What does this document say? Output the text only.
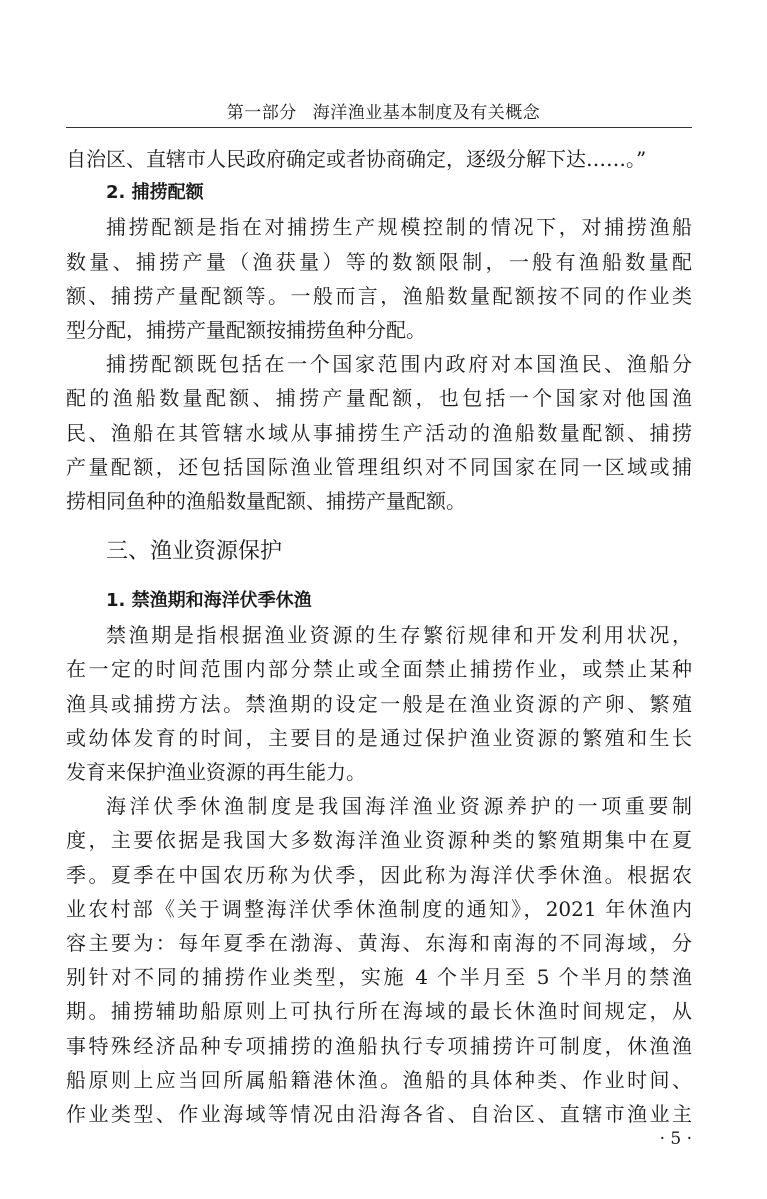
第一部分 海洋渔业基本制度及有关概念
自治区、直辖市人民政府确定或者协商确定，逐级分解下达……。”
2. 捕捞配额
捕捞配额是指在对捕捞生产规模控制的情况下，对捕捞渔船
数量、捕捞产量（渔获量）等的数额限制，一般有渔船数量配
额、捕捞产量配额等。一般而言，渔船数量配额按不同的作业类
型分配，捕捞产量配额按捕捞鱼种分配。
捕捞配额既包括在一个国家范围内政府对本国渔民、渔船分
配的渔船数量配额、捕捞产量配额，也包括一个国家对他国渔
民、渔船在其管辖水域从事捕捞生产活动的渔船数量配额、捕捞
产量配额，还包括国际渔业管理组织对不同国家在同一区域或捕
捞相同鱼种的渔船数量配额、捕捞产量配额。
三、渔业资源保护
1. 禁渔期和海洋伏季休渔
禁渔期是指根据渔业资源的生存繁衍规律和开发利用状况，
在一定的时间范围内部分禁止或全面禁止捕捞作业，或禁止某种
渔具或捕捞方法。禁渔期的设定一般是在渔业资源的产卵、繁殖
或幼体发育的时间，主要目的是通过保护渔业资源的繁殖和生长
发育来保护渔业资源的再生能力。
海洋伏季休渔制度是我国海洋渔业资源养护的一项重要制
度，主要依据是我国大多数海洋渔业资源种类的繁殖期集中在夏
季。夏季在中国农历称为伏季，因此称为海洋伏季休渔。根据农
业农村部《关于调整海洋伏季休渔制度的通知》，2021 年休渔内
容主要为：每年夏季在渤海、黄海、东海和南海的不同海域，分
别针对不同的捕捞作业类型，实施 4 个半月至 5 个半月的禁渔
期。捕捞辅助船原则上可执行所在海域的最长休渔时间规定，从
事特殊经济品种专项捕捞的渔船执行专项捕捞许可制度，休渔渔
船原则上应当回所属船籍港休渔。渔船的具体种类、作业时间、
作业类型、作业海域等情况由沿海各省、自治区、直辖市渔业主
· 5 ·
